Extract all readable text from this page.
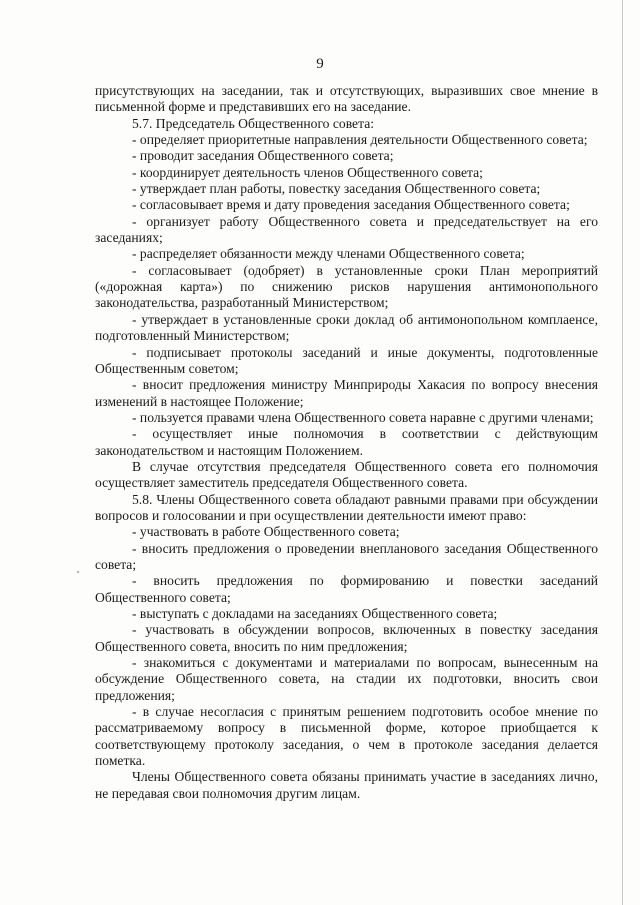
9

присутствующих на заседании, так и отсутствующих, выразивших свое мнение в письменной форме и представивших его на заседание.

5.7. Председатель Общественного совета:

- определяет приоритетные направления деятельности Общественного совета;

- проводит заседания Общественного совета;

- координирует деятельность членов Общественного совета;

- утверждает план работы, повестку заседания Общественного совета;

- согласовывает время и дату проведения заседания Общественного совета;

- организует работу Общественного совета и председательствует на его заседаниях;

- распределяет обязанности между членами Общественного совета;

- согласовывает (одобряет) в установленные сроки План мероприятий («дорожная карта») по снижению рисков нарушения антимонопольного законодательства, разработанный Министерством;

- утверждает в установленные сроки доклад об антимонопольном комплаенсе, подготовленный Министерством;

- подписывает протоколы заседаний и иные документы, подготовленные Общественным советом;

- вносит предложения министру Минприроды Хакасия по вопросу внесения изменений в настоящее Положение;

- пользуется правами члена Общественного совета наравне с другими членами;

- осуществляет иные полномочия в соответствии с действующим законодательством и настоящим Положением.

В случае отсутствия председателя Общественного совета его полномочия осуществляет заместитель председателя Общественного совета.

5.8. Члены Общественного совета обладают равными правами при обсуждении вопросов и голосовании и при осуществлении деятельности имеют право:

- участвовать в работе Общественного совета;

- вносить предложения о проведении внепланового заседания Общественного совета;

- вносить предложения по формированию и повестки заседаний Общественного совета;

- выступать с докладами на заседаниях Общественного совета;

- участвовать в обсуждении вопросов, включенных в повестку заседания Общественного совета, вносить по ним предложения;

- знакомиться с документами и материалами по вопросам, вынесенным на обсуждение Общественного совета, на стадии их подготовки, вносить свои предложения;

- в случае несогласия с принятым решением подготовить особое мнение по рассматриваемому вопросу в письменной форме, которое приобщается к соответствующему протоколу заседания, о чем в протоколе заседания делается пометка.

Члены Общественного совета обязаны принимать участие в заседаниях лично, не передавая свои полномочия другим лицам.
